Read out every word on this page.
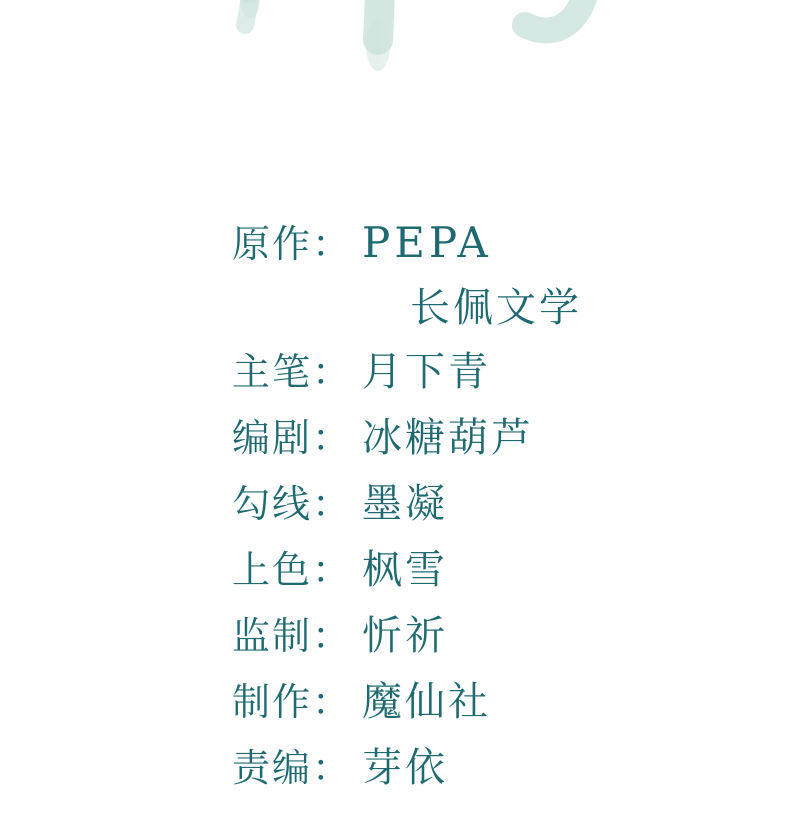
原作： PEPA
长佩文学
主笔： 月下青
编剧： 冰糖葫芦
勾线： 墨凝
上色： 枫雪
监制： 忻祈
制作： 魔仙社
责编： 芽依
